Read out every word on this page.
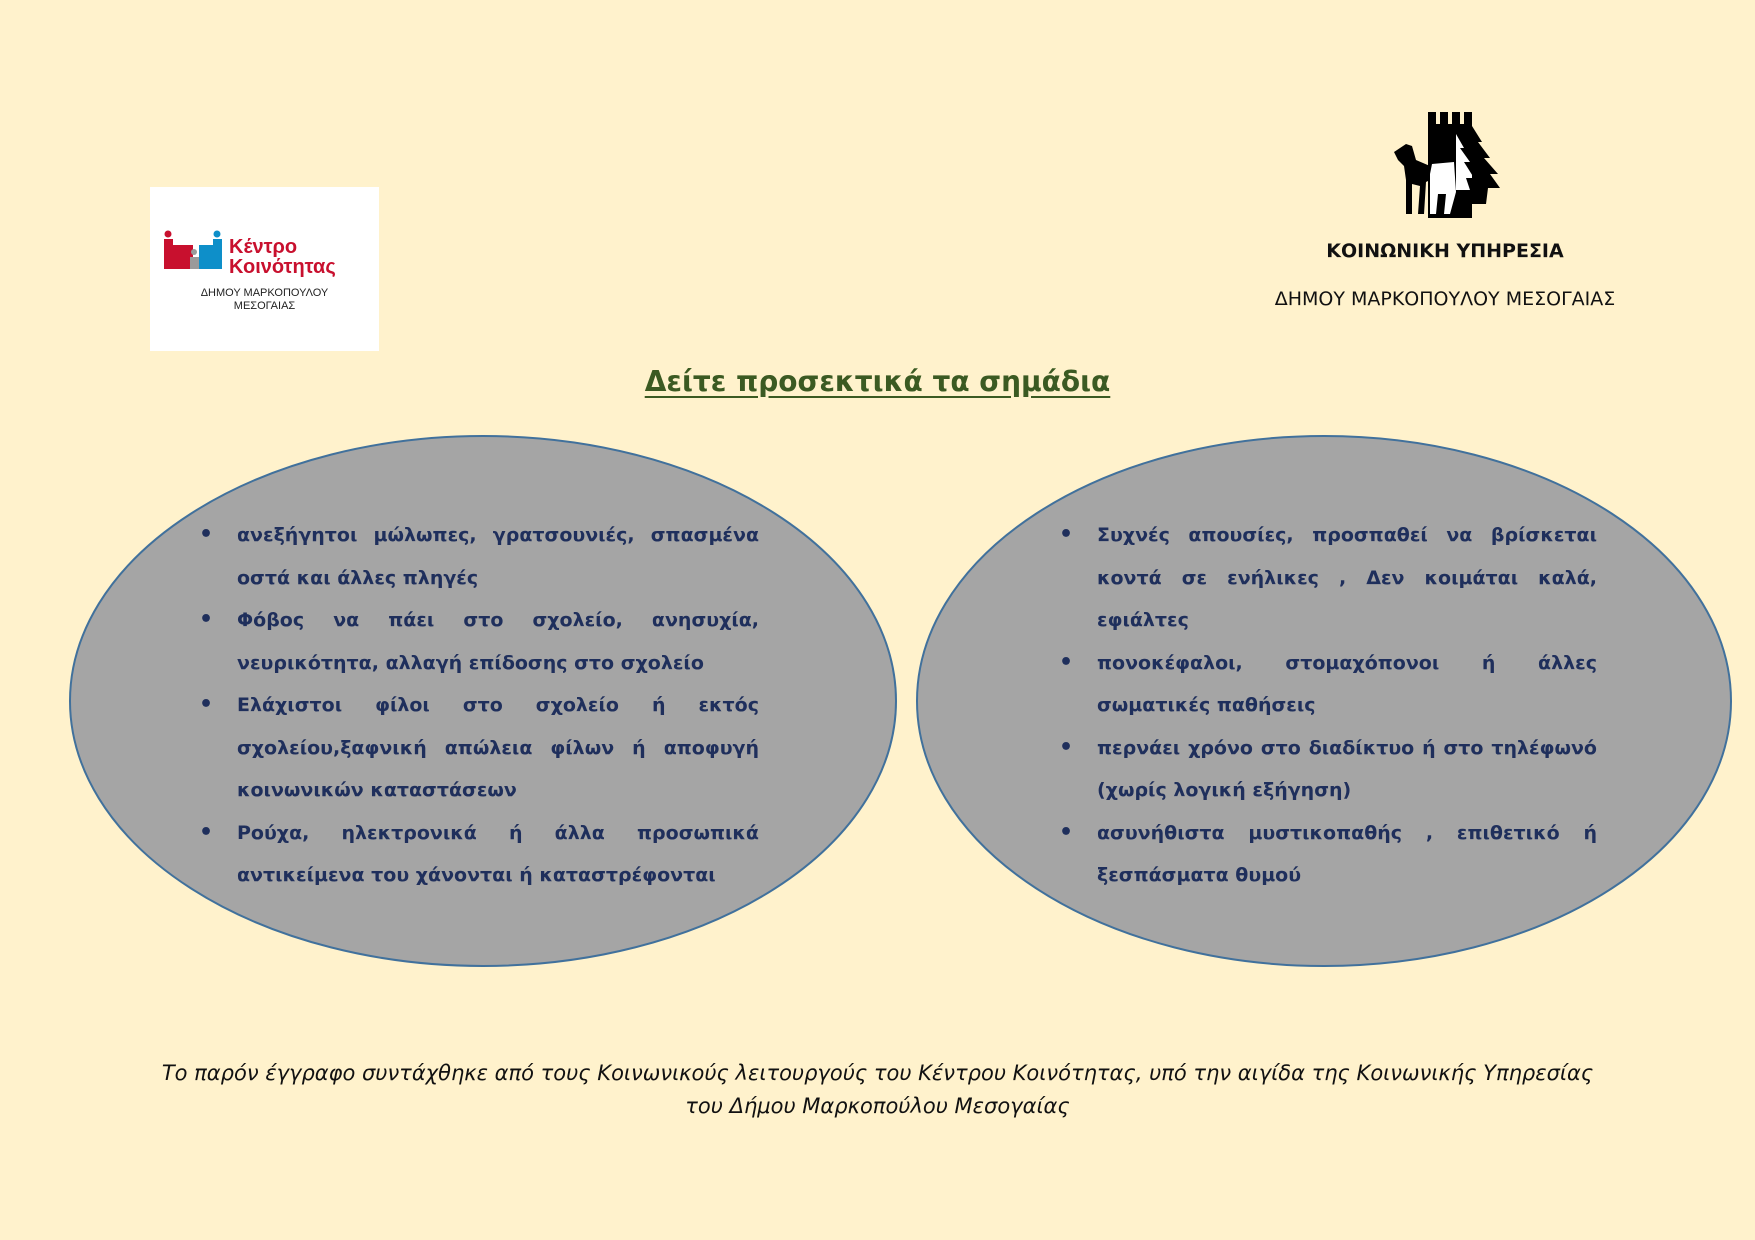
Κέντρο
Κοινότητας
ΔΗΜΟΥ ΜΑΡΚΟΠΟΥΛΟΥ
ΜΕΣΟΓΑΙΑΣ
ΚΟΙΝΩΝΙΚΗ ΥΠΗΡΕΣΙΑ
ΔΗΜΟΥ ΜΑΡΚΟΠΟΥΛΟΥ ΜΕΣΟΓΑΙΑΣ
Δείτε προσεκτικά τα σημάδια
• ανεξήγητοι μώλωπες, γρατσουνιές, σπασμένα οστά και άλλες πληγές
• Φόβος να πάει στο σχολείο, ανησυχία, νευρικότητα, αλλαγή επίδοσης στο σχολείο
• Ελάχιστοι φίλοι στο σχολείο ή εκτός σχολείου,ξαφνική απώλεια φίλων ή αποφυγή κοινωνικών καταστάσεων
• Ρούχα, ηλεκτρονικά ή άλλα προσωπικά αντικείμενα του χάνονται ή καταστρέφονται
• Συχνές απουσίες, προσπαθεί να βρίσκεται κοντά σε ενήλικες , Δεν κοιμάται καλά, εφιάλτες
• πονοκέφαλοι, στομαχόπονοι ή άλλες σωματικές παθήσεις
• περνάει χρόνο στο διαδίκτυο ή στο τηλέφωνό (χωρίς λογική εξήγηση)
• ασυνήθιστα μυστικοπαθής , επιθετικό ή ξεσπάσματα θυμού
Το παρόν έγγραφο συντάχθηκε από τους Κοινωνικούς λειτουργούς του Κέντρου Κοινότητας, υπό την αιγίδα της Κοινωνικής Υπηρεσίας του Δήμου Μαρκοπούλου Μεσογαίας
